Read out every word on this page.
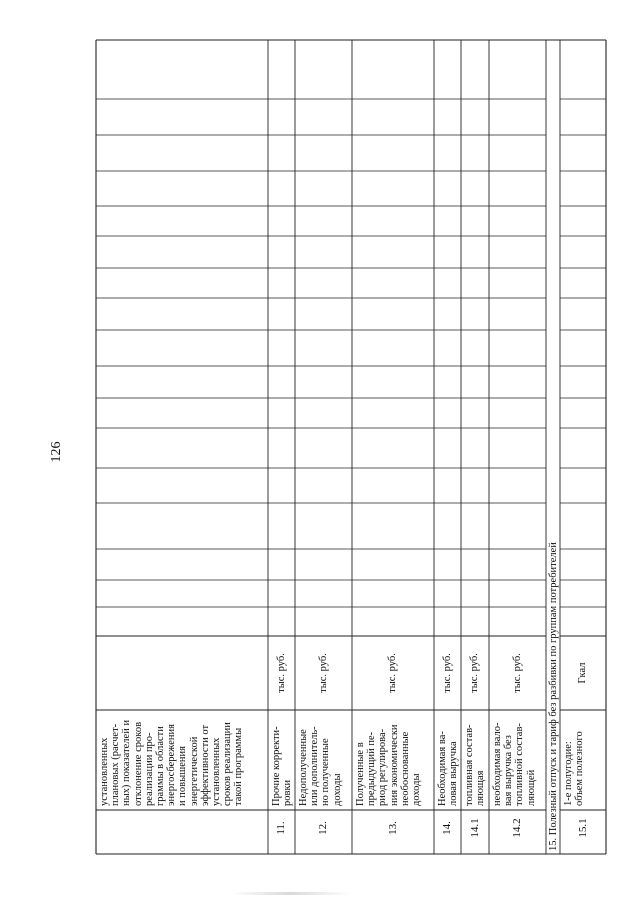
126
установленных
плановых (расчет-
ных) показателей и
отклонение сроков
реализации про-
граммы в области
энергосбережения
и повышения
энергетической
эффективности от
установленных
сроков реализации
такой программы
11.
Прочие корректи-
ровки
тыс. руб.
12.
Недополученные
или дополнитель-
но полученные
доходы
тыс. руб.
13.
Полученные в
предыдущий пе-
риод регулирова-
ния экономически
необоснованные
доходы
тыс. руб.
14.
Необходимая ва-
ловая выручка
тыс. руб.
14.1
топливная состав-
ляющая
тыс. руб.
14.2
необходимая вало-
вая выручка без
топливной состав-
ляющей
тыс. руб.	15. Полезный отпуск и тариф без разбивки по группам потребителей	15.1
1-е полугодие:
объем полезного
Гкал
